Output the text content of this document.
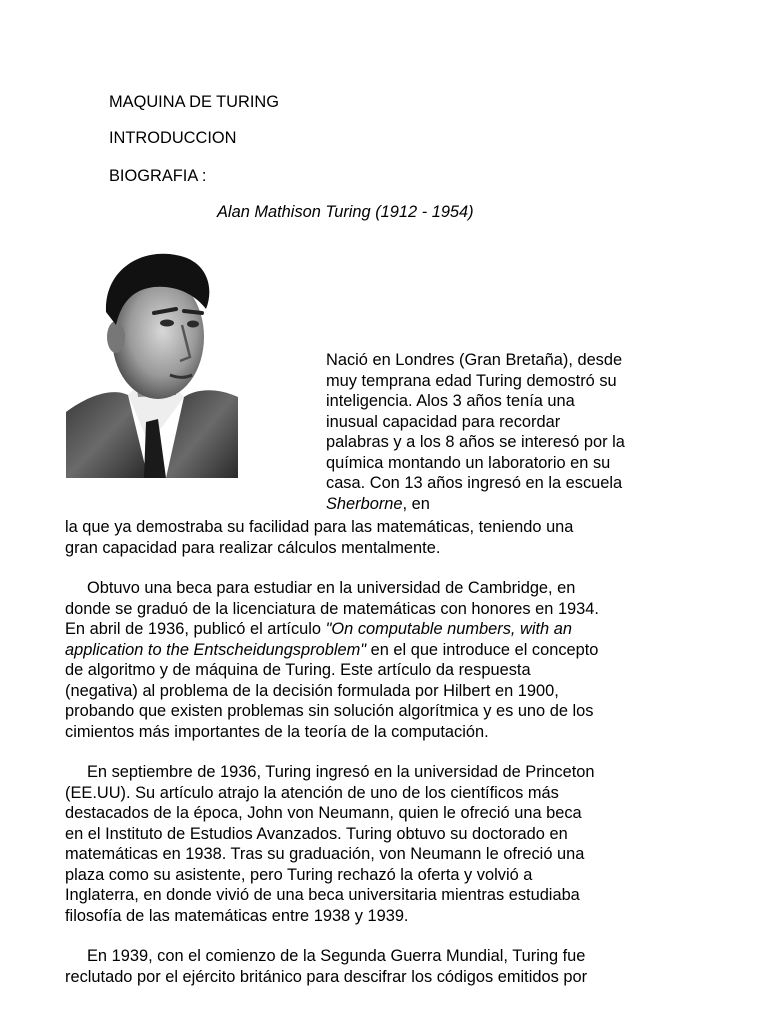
MAQUINA DE TURING
INTRODUCCION
BIOGRAFIA :
Alan Mathison Turing (1912 - 1954)

Nació en Londres (Gran Bretaña), desde
muy temprana edad Turing demostró su
inteligencia. Alos 3 años tenía una
inusual capacidad para recordar
palabras y a los 8 años se interesó por la
química montando un laboratorio en su
casa. Con 13 años ingresó en la escuela
Sherborne, en

la que ya demostraba su facilidad para las matemáticas, teniendo una
gran capacidad para realizar cálculos mentalmente.

Obtuvo una beca para estudiar en la universidad de Cambridge, en
donde se graduó de la licenciatura de matemáticas con honores en 1934.
En abril de 1936, publicó el artículo "On computable numbers, with an
application to the Entscheidungsproblem" en el que introduce el concepto
de algoritmo y de máquina de Turing. Este artículo da respuesta
(negativa) al problema de la decisión formulada por Hilbert en 1900,
probando que existen problemas sin solución algorítmica y es uno de los
cimientos más importantes de la teoría de la computación.

En septiembre de 1936, Turing ingresó en la universidad de Princeton
(EE.UU). Su artículo atrajo la atención de uno de los científicos más
destacados de la época, John von Neumann, quien le ofreció una beca
en el Instituto de Estudios Avanzados. Turing obtuvo su doctorado en
matemáticas en 1938. Tras su graduación, von Neumann le ofreció una
plaza como su asistente, pero Turing rechazó la oferta y volvió a
Inglaterra, en donde vivió de una beca universitaria mientras estudiaba
filosofía de las matemáticas entre 1938 y 1939.

En 1939, con el comienzo de la Segunda Guerra Mundial, Turing fue
reclutado por el ejército británico para descifrar los códigos emitidos por
